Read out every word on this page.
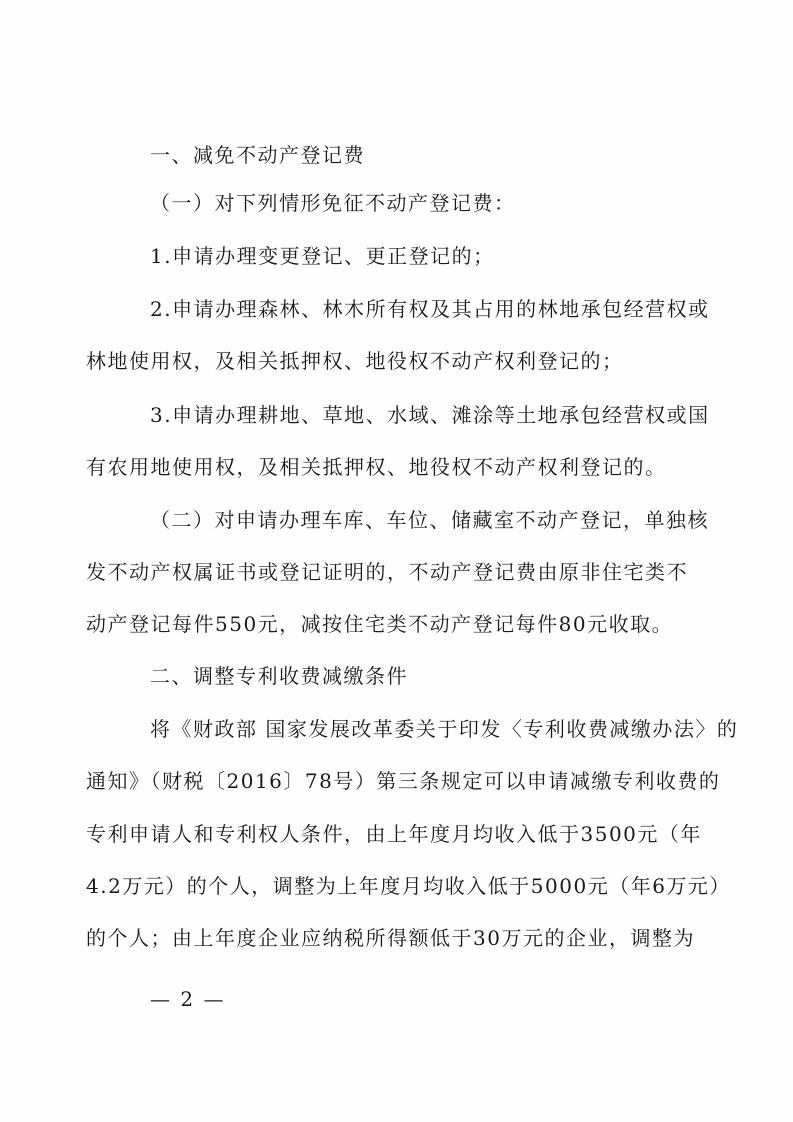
一、减免不动产登记费
（一）对下列情形免征不动产登记费：
1.申请办理变更登记、更正登记的；
2.申请办理森林、林木所有权及其占用的林地承包经营权或
林地使用权，及相关抵押权、地役权不动产权利登记的；
3.申请办理耕地、草地、水域、滩涂等土地承包经营权或国
有农用地使用权，及相关抵押权、地役权不动产权利登记的。
（二）对申请办理车库、车位、储藏室不动产登记，单独核
发不动产权属证书或登记证明的，不动产登记费由原非住宅类不
动产登记每件550元，减按住宅类不动产登记每件80元收取。
二、调整专利收费减缴条件
将《财政部 国家发展改革委关于印发〈专利收费减缴办法〉的
通知》（财税〔2016〕78号）第三条规定可以申请减缴专利收费的
专利申请人和专利权人条件，由上年度月均收入低于3500元（年
4.2万元）的个人，调整为上年度月均收入低于5000元（年6万元）
的个人；由上年度企业应纳税所得额低于30万元的企业，调整为
— 2 —
